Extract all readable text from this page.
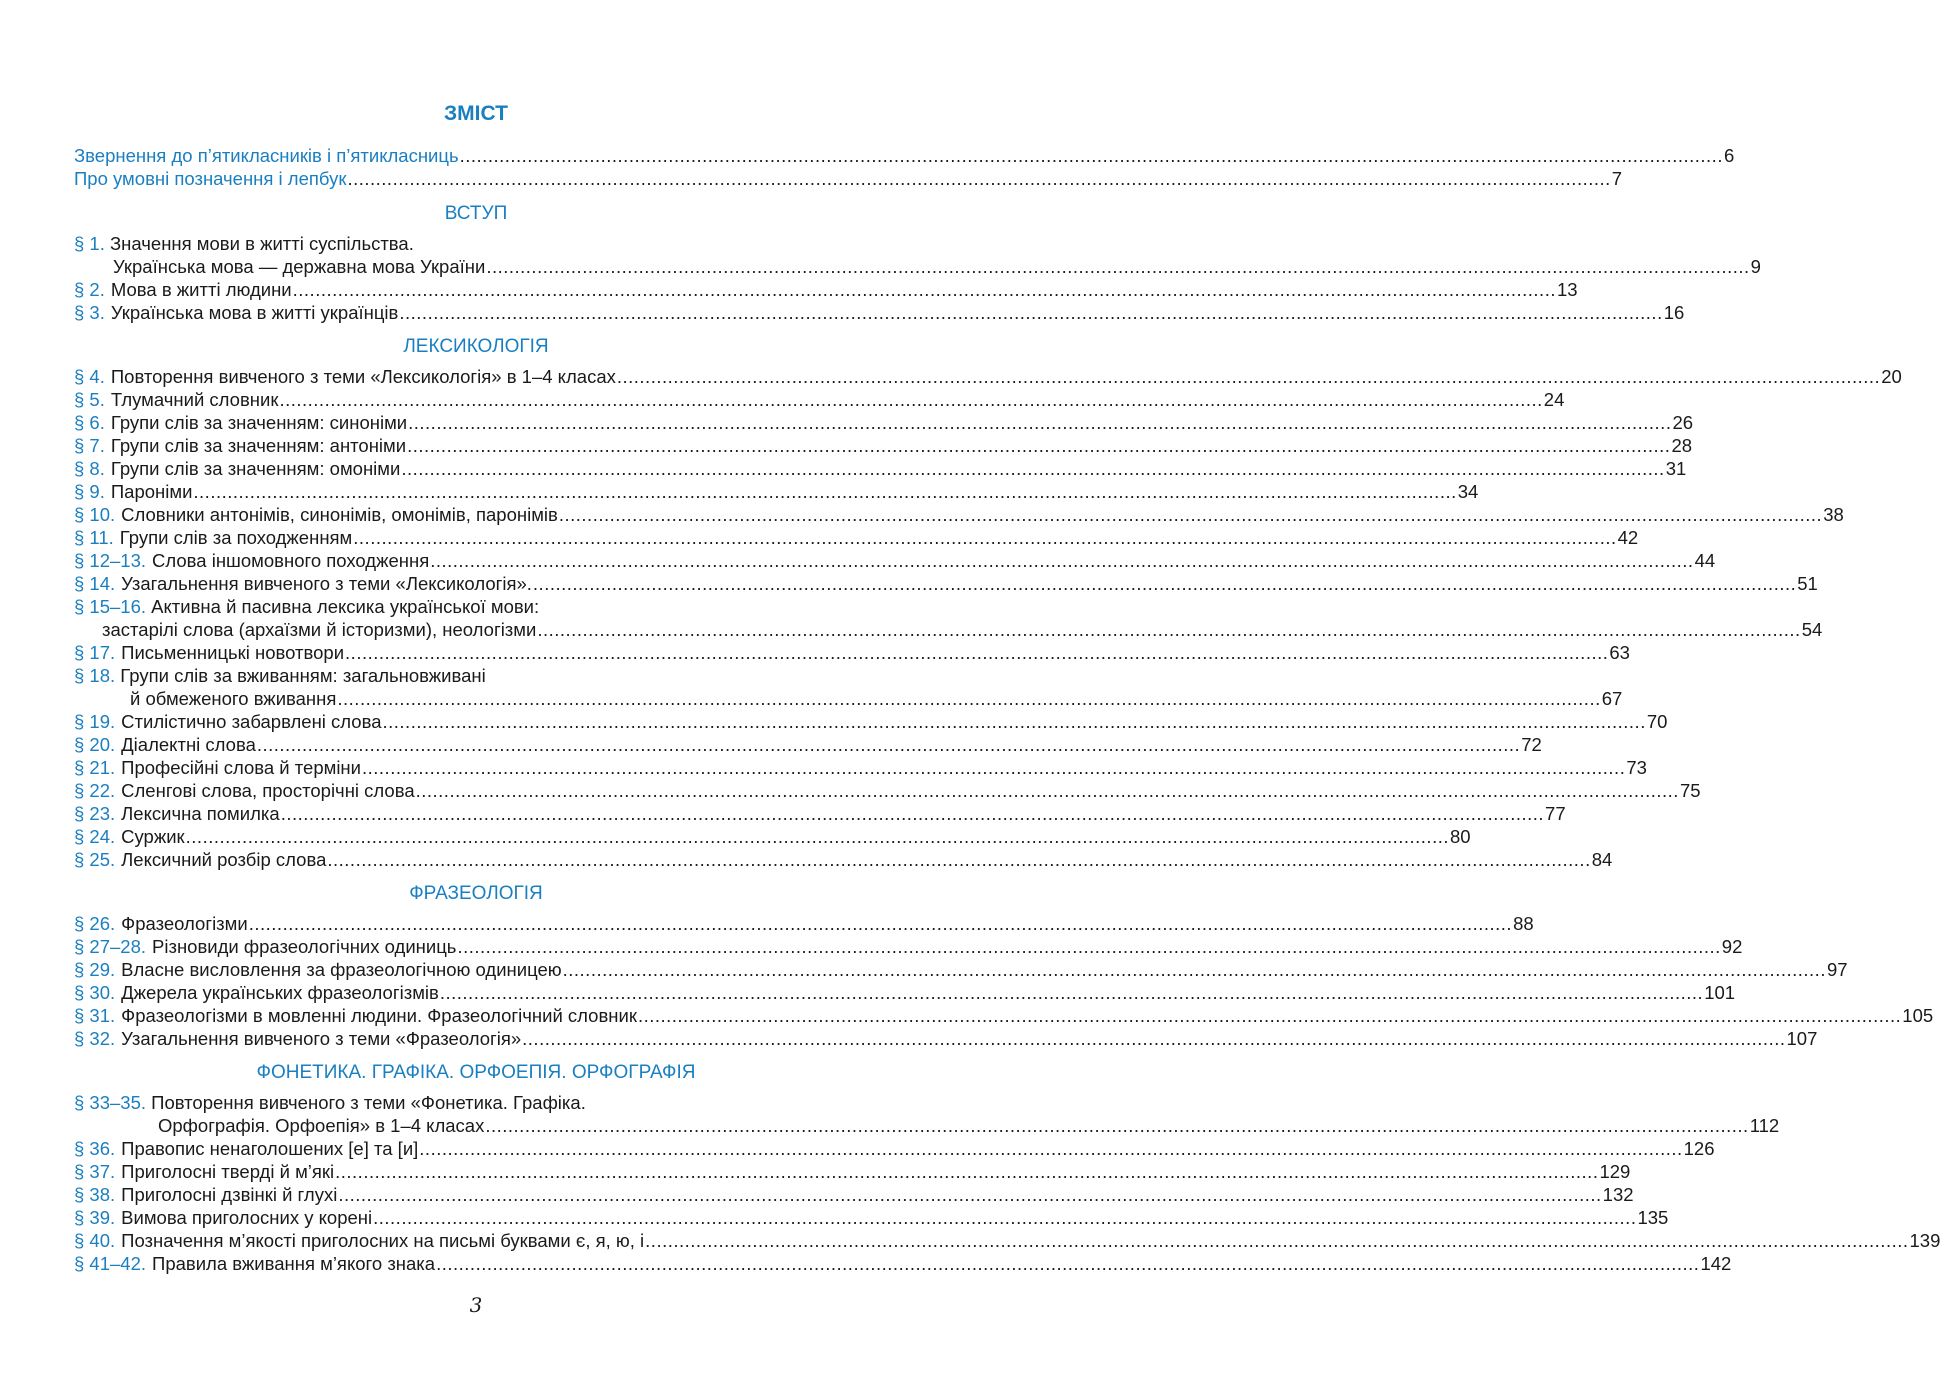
ЗМІСТ
Звернення до п’ятикласників і п’ятикласниць .....	6
Про умовні позначення і лепбук .....	7
ВСТУП
§ 1. Значення мови в житті суспільства.
Українська мова — державна мова України .....	9
§ 2. Мова в житті людини .....	13
§ 3. Українська мова в житті українців .....	16
ЛЕКСИКОЛОГІЯ
§ 4. Повторення вивченого з теми «Лексикологія» в 1–4 класах .....	20
§ 5. Тлумачний словник .....	24
§ 6. Групи слів за значенням: синоніми .....	26
§ 7. Групи слів за значенням: антоніми .....	28
§ 8. Групи слів за значенням: омоніми .....	31
§ 9. Пароніми .....	34
§ 10. Словники антонімів, синонімів, омонімів, паронімів .....	38
§ 11. Групи слів за походженням .....	42
§ 12–13. Слова іншомовного походження .....	44
§ 14. Узагальнення вивченого з теми «Лексикологія». .....	51
§ 15–16. Активна й пасивна лексика української мови:
застарілі слова (архаїзми й історизми), неологізми .....	54
§ 17. Письменницькі новотвори .....	63
§ 18. Групи слів за вживанням: загальновживані
й обмеженого вживання .....	67
§ 19. Стилістично забарвлені слова .....	70
§ 20. Діалектні слова .....	72
§ 21. Професійні слова й терміни .....	73
§ 22. Сленгові слова, просторічні слова .....	75
§ 23. Лексична помилка .....	77
§ 24. Суржик .....	80
§ 25. Лексичний розбір слова .....	84
ФРАЗЕОЛОГІЯ
§ 26. Фразеологізми .....	88
§ 27–28. Різновиди фразеологічних одиниць .....	92
§ 29. Власне висловлення за фразеологічною одиницею .....	97
§ 30. Джерела українських фразеологізмів .....	101
§ 31. Фразеологізми в мовленні людини. Фразеологічний словник .....	105
§ 32. Узагальнення вивченого з теми «Фразеологія» .....	107
ФОНЕТИКА. ГРАФІКА. ОРФОЕПІЯ. ОРФОГРАФІЯ
§ 33–35. Повторення вивченого з теми «Фонетика. Графіка.
Орфографія. Орфоепія» в 1–4 класах .....	112
§ 36. Правопис ненаголошених [е] та [и] .....	126
§ 37. Приголосні тверді й м’які .....	129
§ 38. Приголосні дзвінкі й глухі .....	132
§ 39. Вимова приголосних у корені .....	135
§ 40. Позначення м’якості приголосних на письмі буквами є, я, ю, і .....	139
§ 41–42. Правила вживання м’якого знака .....	142
3
